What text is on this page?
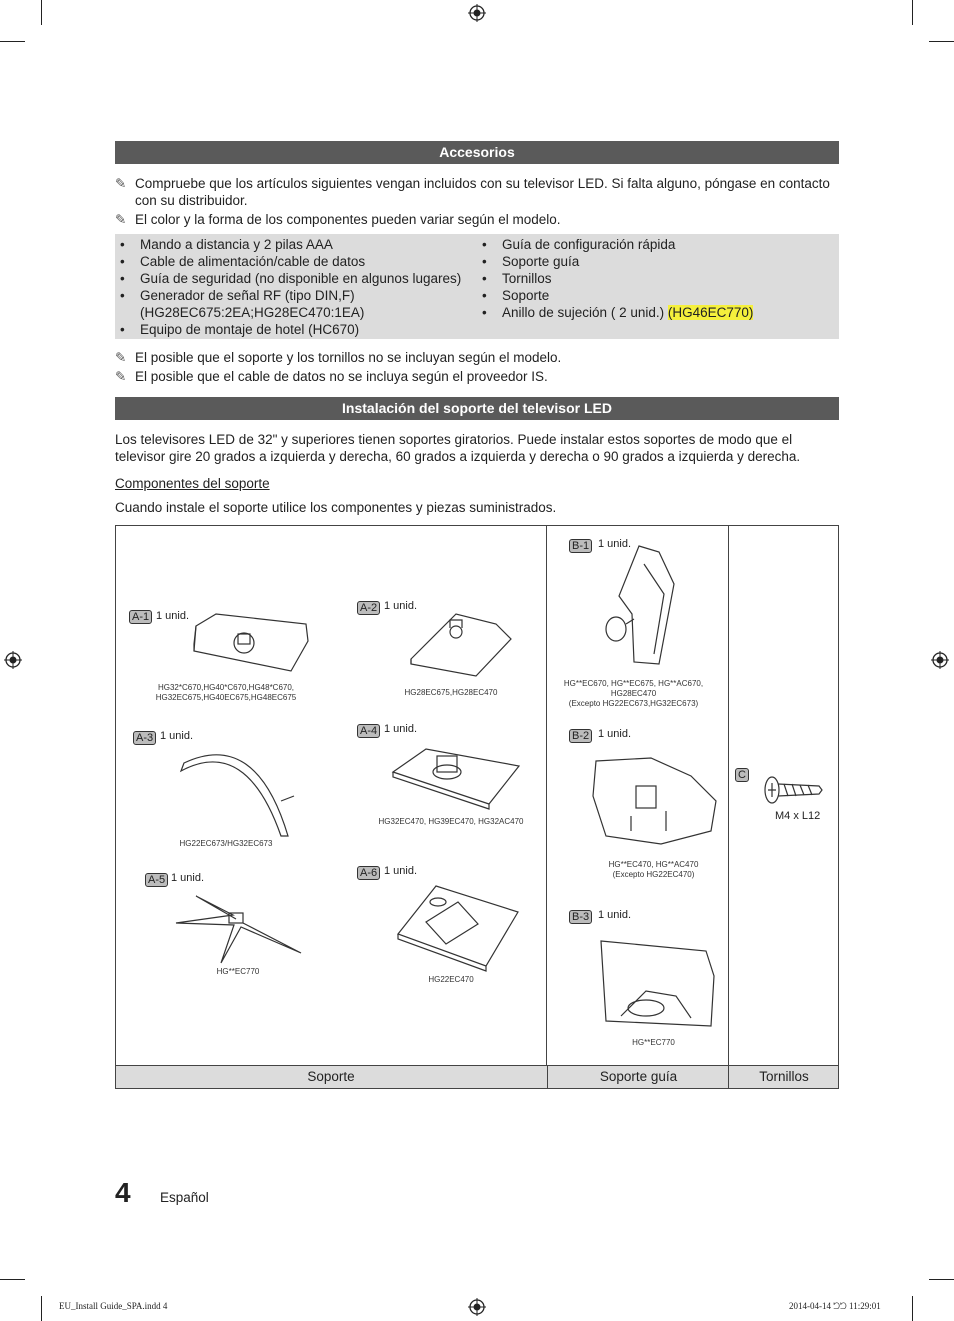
Accesorios
✎ Compruebe que los artículos siguientes vengan incluidos con su televisor LED. Si falta alguno, póngase en contacto con su distribuidor.
✎ El color y la forma de los componentes pueden variar según el modelo.
• Mando a distancia y 2 pilas AAA
• Cable de alimentación/cable de datos
• Guía de seguridad (no disponible en algunos lugares)
• Generador de señal RF (tipo DIN,F) (HG28EC675:2EA;HG28EC470:1EA)
• Equipo de montaje de hotel (HC670)
• Guía de configuración rápida
• Soporte guía
• Tornillos
• Soporte
• Anillo de sujeción ( 2 unid.) (HG46EC770)
✎ El posible que el soporte y los tornillos no se incluyan según el modelo.
✎ El posible que el cable de datos no se incluya según el proveedor IS.
Instalación del soporte del televisor LED
Los televisores LED de 32" y superiores tienen soportes giratorios. Puede instalar estos soportes de modo que el televisor gire 20 grados a izquierda y derecha, 60 grados a izquierda y derecha o 90 grados a izquierda y derecha.
Componentes del soporte
Cuando instale el soporte utilice los componentes y piezas suministrados.
A-1 1 unid.
HG32*C670,HG40*C670,HG48*C670,
HG32EC675,HG40EC675,HG48EC675
A-2 1 unid.
HG28EC675,HG28EC470
A-3 1 unid.
HG22EC673/HG32EC673
A-4 1 unid.
HG32EC470, HG39EC470, HG32AC470
A-5 1 unid.
HG**EC770
A-6 1 unid.
HG22EC470
B-1 1 unid.
HG**EC670, HG**EC675, HG**AC670,
HG28EC470
(Excepto HG22EC673,HG32EC673)
B-2 1 unid.
HG**EC470, HG**AC470
(Excepto HG22EC470)
B-3 1 unid.
HG**EC770
C
M4 x L12
Soporte	Soporte guía	Tornillos
4 Español
EU_Install Guide_SPA.indd 4	2014-04-14 ᘤᘤ 11:29:01
